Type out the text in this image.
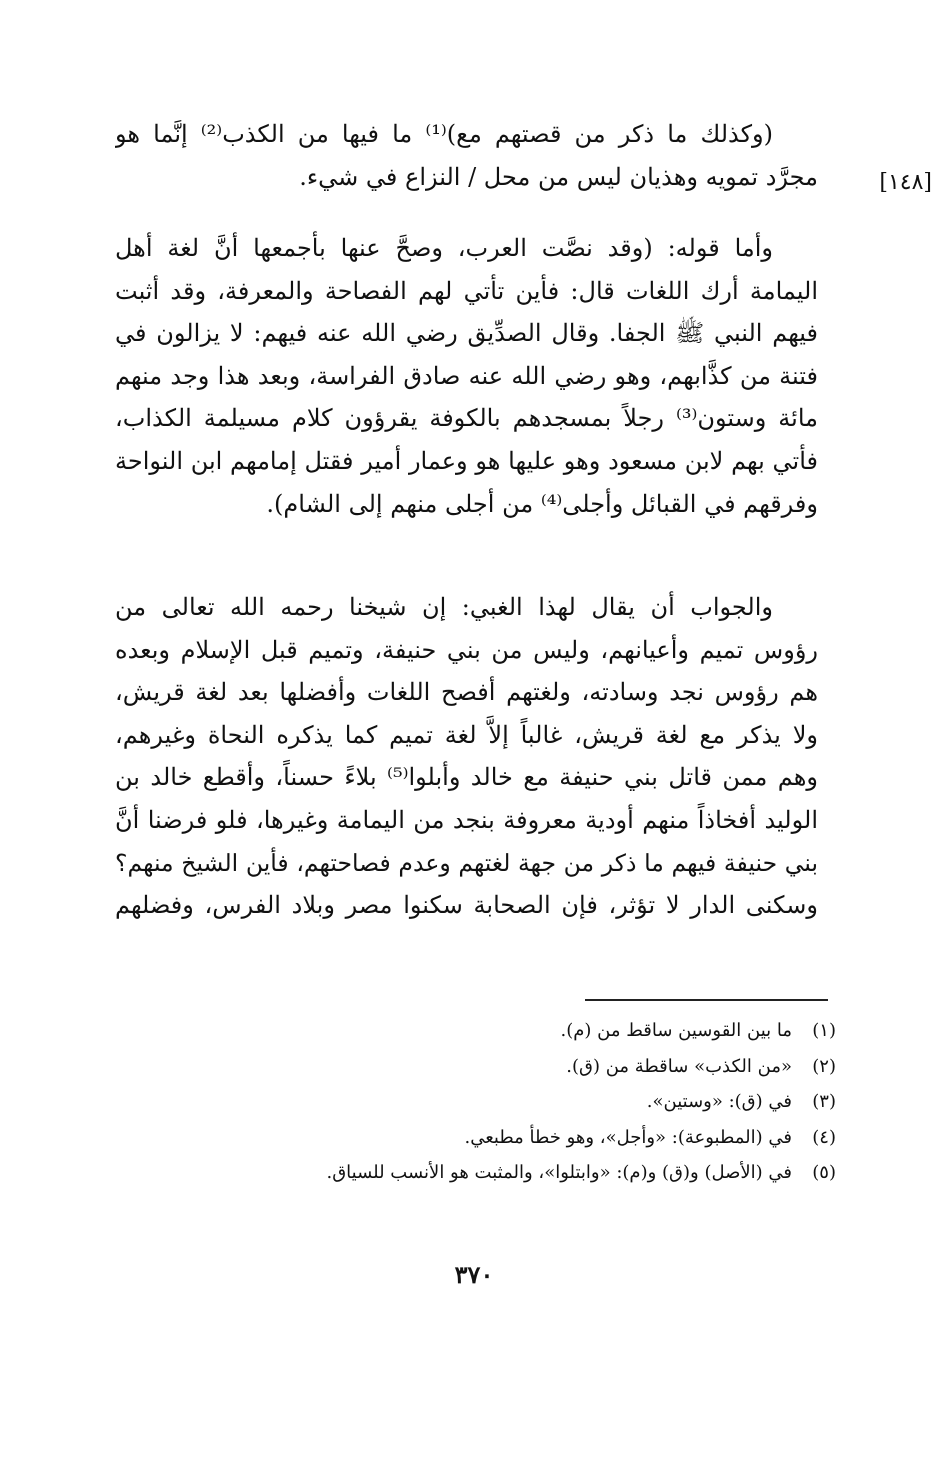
[١٤٨]
(وكذلك ما ذكر من قصتهم مع)⁽¹⁾ ما فيها من الكذب⁽²⁾ إنَّما هو
مجرَّد تمويه وهذيان ليس من محل / النزاع في شيء.
وأما قوله: (وقد نصَّت العرب، وصحَّ عنها بأجمعها أنَّ لغة أهل
اليمامة أرك اللغات قال: فأين تأتي لهم الفصاحة والمعرفة، وقد أثبت
فيهم النبي ﷺ الجفا. وقال الصدِّيق رضي الله عنه فيهم: لا يزالون في
فتنة من كذَّابهم، وهو رضي الله عنه صادق الفراسة، وبعد هذا وجد منهم
مائة وستون⁽³⁾ رجلاً بمسجدهم بالكوفة يقرؤون كلام مسيلمة الكذاب،
فأتي بهم لابن مسعود وهو عليها هو وعمار أمير فقتل إمامهم ابن النواحة
وفرقهم في القبائل وأجلى⁽⁴⁾ من أجلى منهم إلى الشام).
والجواب أن يقال لهذا الغبي: إن شيخنا رحمه الله تعالى من
رؤوس تميم وأعيانهم، وليس من بني حنيفة، وتميم قبل الإسلام وبعده
هم رؤوس نجد وسادته، ولغتهم أفصح اللغات وأفضلها بعد لغة قريش،
ولا يذكر مع لغة قريش، غالباً إلاَّ لغة تميم كما يذكره النحاة وغيرهم،
وهم ممن قاتل بني حنيفة مع خالد وأبلوا⁽⁵⁾ بلاءً حسناً، وأقطع خالد بن
الوليد أفخاذاً منهم أودية معروفة بنجد من اليمامة وغيرها، فلو فرضنا أنَّ
بني حنيفة فيهم ما ذكر من جهة لغتهم وعدم فصاحتهم، فأين الشيخ منهم؟
وسكنى الدار لا تؤثر، فإن الصحابة سكنوا مصر وبلاد الفرس، وفضلهم
(١)ما بين القوسين ساقط من (م).
(٢)«من الكذب» ساقطة من (ق).
(٣)في (ق): «وستين».
(٤)في (المطبوعة): «وأجل»، وهو خطأ مطبعي.
(٥)في (الأصل) و(ق) و(م): «وابتلوا»، والمثبت هو الأنسب للسياق.
٣٧٠
